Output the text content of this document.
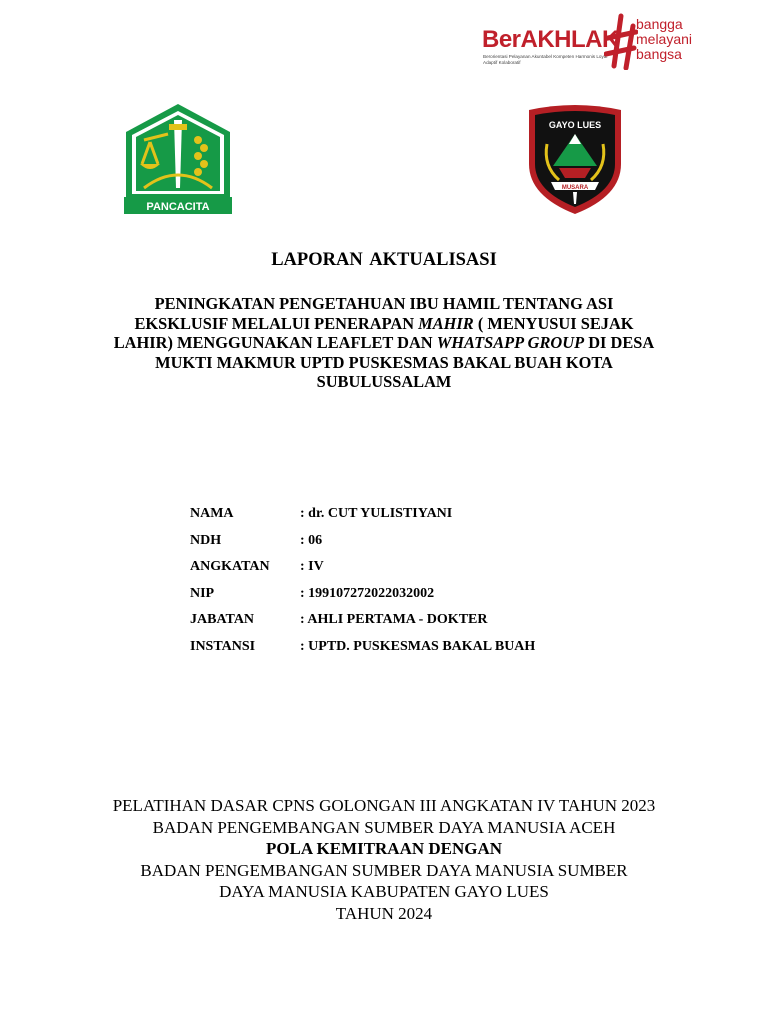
BerAKHLAK
Berorientasi Pelayanan Akuntabel Kompeten Harmonis Loyal Adaptif Kolaboratif
bangga
melayani
bangsa
PANCACITA
GAYO LUES
MUSARA
LAPORAN AKTUALISASI
PENINGKATAN PENGETAHUAN IBU HAMIL TENTANG ASI
EKSKLUSIF MELALUI PENERAPAN MAHIR ( MENYUSUI SEJAK
LAHIR) MENGGUNAKAN LEAFLET DAN WHATSAPP GROUP DI DESA
MUKTI MAKMUR UPTD PUSKESMAS BAKAL BUAH KOTA
SUBULUSSALAM
NAMA	: dr. CUT YULISTIYANI
NDH	: 06
ANGKATAN	: IV
NIP	: 199107272022032002
JABATAN	: AHLI PERTAMA - DOKTER
INSTANSI	: UPTD. PUSKESMAS BAKAL BUAH
PELATIHAN DASAR CPNS GOLONGAN III ANGKATAN IV TAHUN 2023
BADAN PENGEMBANGAN SUMBER DAYA MANUSIA ACEH
POLA KEMITRAAN DENGAN
BADAN PENGEMBANGAN SUMBER DAYA MANUSIA SUMBER
DAYA MANUSIA KABUPATEN GAYO LUES
TAHUN 2024
